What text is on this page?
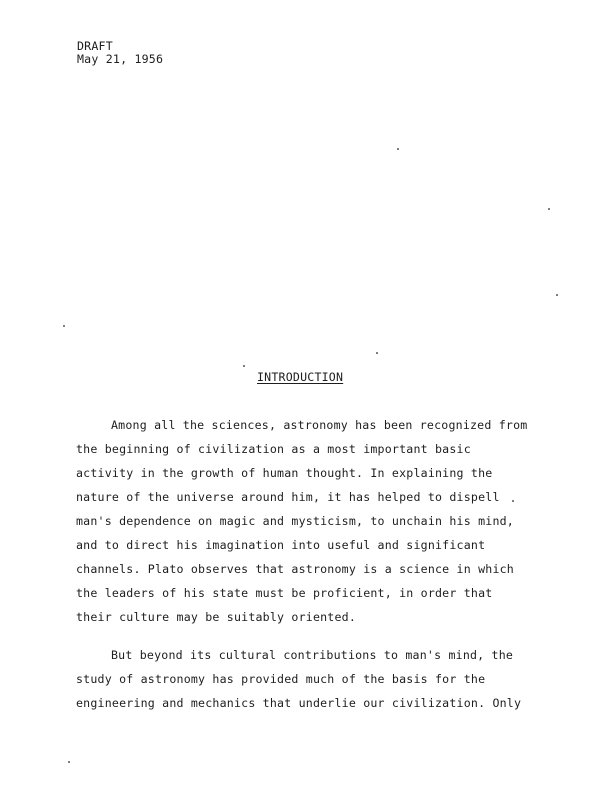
DRAFT
May 21, 1956
INTRODUCTION
Among all the sciences, astronomy has been recognized from
the beginning of civilization as a most important basic
activity in the growth of human thought. In explaining the
nature of the universe around him, it has helped to dispell
man's dependence on magic and mysticism, to unchain his mind,
and to direct his imagination into useful and significant
channels. Plato observes that astronomy is a science in which
the leaders of his state must be proficient, in order that
their culture may be suitably oriented.
But beyond its cultural contributions to man's mind, the
study of astronomy has provided much of the basis for the
engineering and mechanics that underlie our civilization. Only
